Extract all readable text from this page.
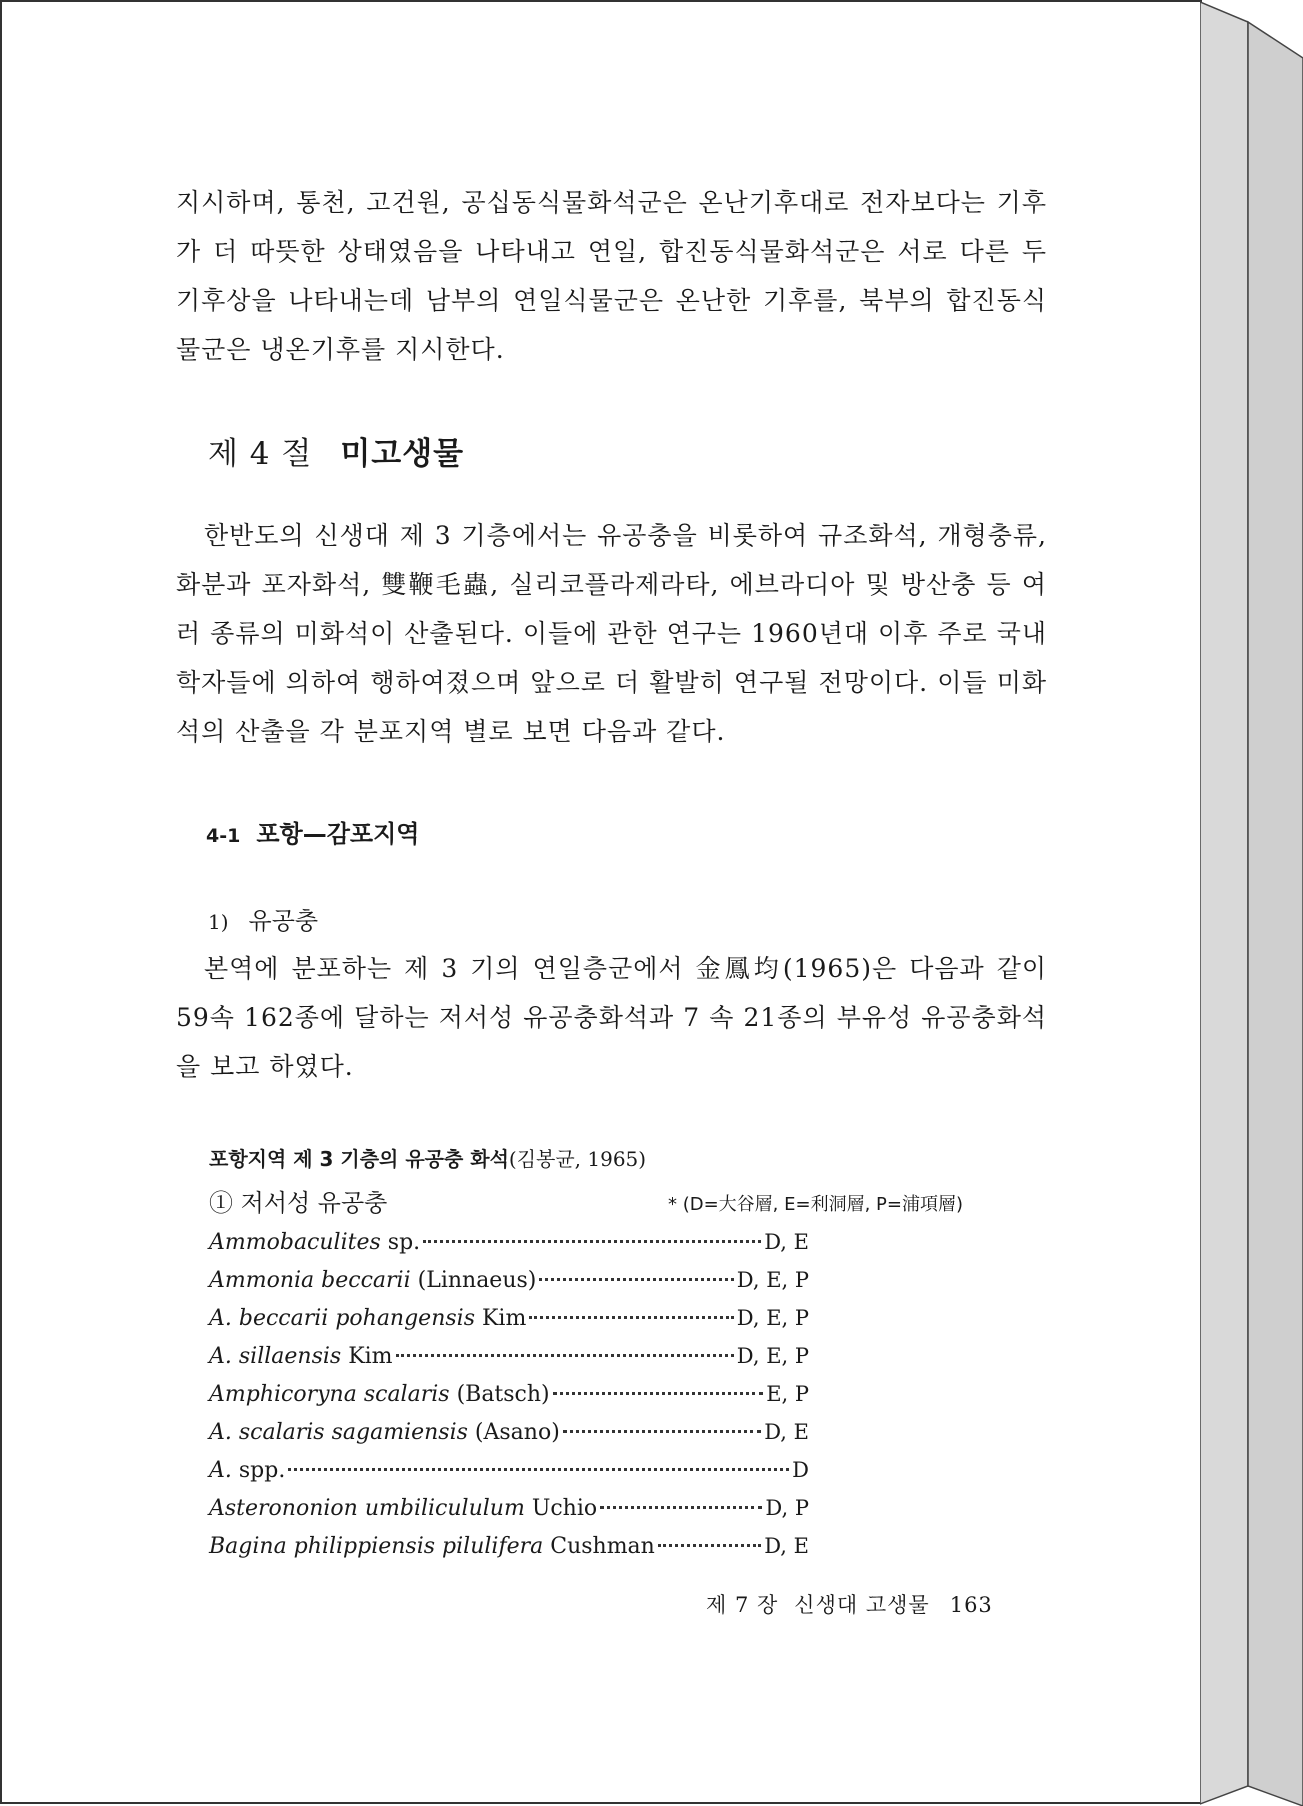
지시하며, 통천, 고건원, 공십동식물화석군은 온난기후대로 전자보다는 기후가 더 따뜻한 상태였음을 나타내고 연일, 합진동식물화석군은 서로 다른 두 기후상을 나타내는데 남부의 연일식물군은 온난한 기후를, 북부의 합진동식물군은 냉온기후를 지시한다.

제 4 절 미고생물

한반도의 신생대 제 3 기층에서는 유공충을 비롯하여 규조화석, 개형충류, 화분과 포자화석, 雙鞭毛蟲, 실리코플라제라타, 에브라디아 및 방산충 등 여러 종류의 미화석이 산출된다. 이들에 관한 연구는 1960년대 이후 주로 국내 학자들에 의하여 행하여졌으며 앞으로 더 활발히 연구될 전망이다. 이들 미화석의 산출을 각 분포지역 별로 보면 다음과 같다.

4-1 포항—감포지역
1) 유공충

본역에 분포하는 제 3 기의 연일층군에서 金鳳均(1965)은 다음과 같이 59속 162종에 달하는 저서성 유공충화석과 7 속 21종의 부유성 유공충화석을 보고 하였다.

포항지역 제 3 기층의 유공충 화석(김봉균, 1965)

① 저서성 유공충	* (D=大谷層, E=利洞層, P=浦項層)

Ammobaculites sp.	D, E
Ammonia beccarii (Linnaeus)	D, E, P
A. beccarii pohangensis Kim	D, E, P
A. sillaensis Kim	D, E, P
Amphicoryna scalaris (Batsch)	E, P
A. scalaris sagamiensis (Asano)	D, E
A. spp.	D
Asterononion umbilicululum Uchio	D, P
Bagina philippiensis pilulifera Cushman	D, E

제 7 장 신생대 고생물 163
